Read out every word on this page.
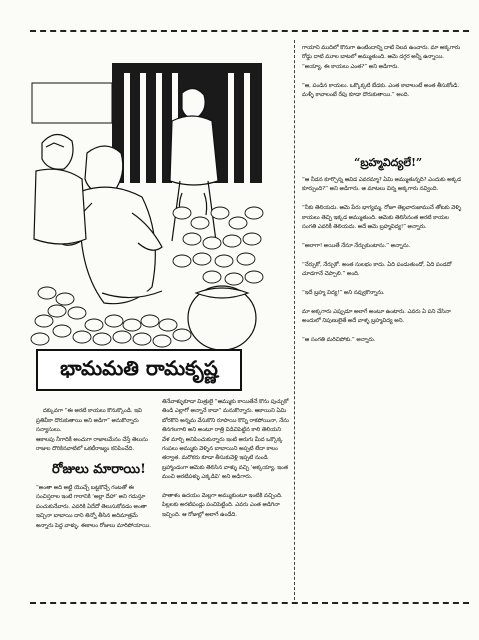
భామమతి రామకృష్ణ

దక్కువగా “ఈ అరటి కాయలు కొనుక్కొండి. ఇవి ప్రతివీకా దొరుకుతాయి అని అడిగా” అనుకొన్నారు సన్యాసులు.
ఆకాలపు నీగాదికీ అంచుగా రాజాలమేనం చేస్తే తెలుసు రాజుల దొరికినవాటిలో ఒకటీరాజ్యం కనిపించేది.

రోజులు మారాయి!
“అంతా అది అట్టి యొచ్చే బట్టకొచ్చే గంటతో ఈ సంచిస్తరాల ఇంటి గారానికి ‘అల్లా దేహా’ అని గడుస్తూ పంచుకునేవారు. ఎవరికి ఏదేదో తెలుసుకోవడం అంతా ఇచ్చినా బాబాయి దాని తిన్నో తీసిన అదిమాత్రమే అన్నారు పెద్ద వాళ్ళు. ఈకాలం రోజులు మారిపోయాయి.
తినేవాళ్ళుకూడా మిత్రులై “ఆమ్ముకు కాయితేనే కొను పుచ్చుకో తిండి ఎల్లాగో అన్నానే కాడా” మనుకొన్నారు. ఆకాయిని ఏమి బోరకొని అన్నమ వేసుకొని రూపాయి కొన్ని రాకపోయినా, నేను తినగలగాలి అని అంటూ రాత్రి విడిచిపెట్టిన కాలి తెలియని వేళ మార్చి అనిపించుకున్నారు ఇంటి అరుగు మీద ఒక్కొక్క గంపలు అమ్ముకు వెళ్ళిన బాబాయిని అప్పటి లేదా కాలం తర్వాత. మరొకరు కూడా తీసుకువెళ్లి ఇప్పటి నుండి బ్రహ్మాండంగా ఆమెకు తెలిసిన వాళ్ళు వచ్చి ‘అక్కయ్యా, ఇంత మంచి అరటిపళ్ళు ఎక్కడివి’ అని అడిగారు.

పాతాళం ఉదయం మెల్లగా అమ్ముకుంటూ ఇంటికి వచ్చింది. పిల్లలకు అరటిపండ్లు పంచిపెట్టింది. ఎవరు ఎంత అడిగినా ఇచ్చింది. ఆ రోజుల్లో అలాగే ఉండేది.
గాయాని ముదిలో కొనుగా ఉంటిందాన్ని దాటి నిలవ ఉంచారు. మా అక్కగారు రోడ్డు దాటి మూల బాటలో అమ్ముతుంది. ఆమె దగ్గర అన్నీ ఉన్నాయి. “అయ్యా, ఈ కాయలు ఎంత?” అని అడిగారు.

“ఆ, పండిన కాయలు. ఒక్కొక్కటి బేడకు. ఎంత కావాలంటే అంత తీసుకోండి. మళ్ళీ కావాలంటే రేపు కూడా దొరుకుతాయి.” అంది.
“బ్రహ్మవిద్యలే!”
“ఆ నీడన కూర్చొన్న ఆవిడ ఎవరమ్మా? ఏమి అమ్ముతున్నది? ఎందుకు అక్కడ కూర్చుంది?” అని అడిగారు. ఆ మాటలు విన్న అక్కగారు నవ్వింది.

“నీకు తెలియదు. ఆమె పేరు భాగ్యమ్మ. రోజూ తెల్లవారుజామునే తోటకు వెళ్ళి కాయలు తెచ్చి ఇక్కడ అమ్ముతుంది. ఆమెకు తెలిసినంత అరటి కాయల సంగతి ఎవరికీ తెలియదు. అదే ఆమె బ్రహ్మవిద్య!” అన్నారు.

“అలాగా! అయితే నేనూ నేర్చుకుంటాను.” అన్నాను.

“నేర్చుకో, నేర్చుకో. అంత సులభం కాదు. ఏది పండుతుందో, ఏది పండదో చూడగానే చెప్పాలి.” అంది.

“ఇదే బ్రహ్మ విద్య!” అని నవ్వుకొన్నాను.

మా అక్కగారు ఎప్పుడూ అలాగే అంటూ ఉంటారు. ఎవరు ఏ పని చేసినా అందులో నిపుణులైతే అదే వాళ్ళ బ్రహ్మవిద్య అని.

“ఆ సంగతి మరిచిపోకు.” అన్నారు.
